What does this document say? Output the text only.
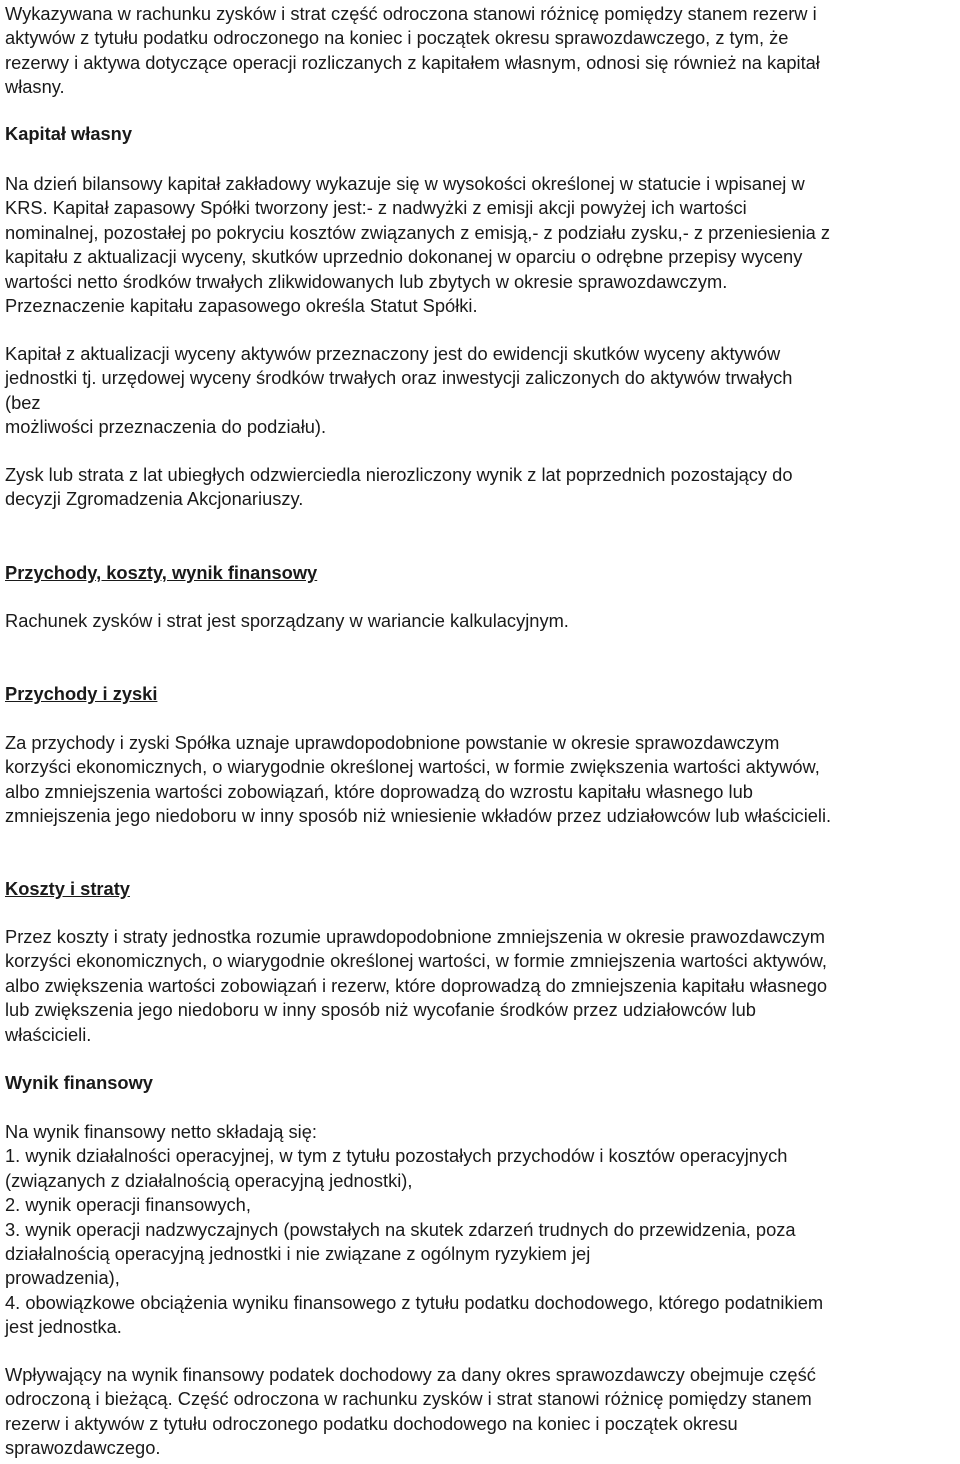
Wykazywana w rachunku zysków i strat część odroczona stanowi różnicę pomiędzy stanem rezerw i
aktywów z tytułu podatku odroczonego na koniec i początek okresu sprawozdawczego, z tym, że
rezerwy i aktywa dotyczące operacji rozliczanych z kapitałem własnym, odnosi się również na kapitał
własny.
Kapitał własny
Na dzień bilansowy kapitał zakładowy wykazuje się w wysokości określonej w statucie i wpisanej w
KRS. Kapitał zapasowy Spółki tworzony jest:- z nadwyżki z emisji akcji powyżej ich wartości
nominalnej, pozostałej po pokryciu kosztów związanych z emisją,- z podziału zysku,- z przeniesienia z
kapitału z aktualizacji wyceny, skutków uprzednio dokonanej w oparciu o odrębne przepisy wyceny
wartości netto środków trwałych zlikwidowanych lub zbytych w okresie sprawozdawczym.
Przeznaczenie kapitału zapasowego określa Statut Spółki.
Kapitał z aktualizacji wyceny aktywów przeznaczony jest do ewidencji skutków wyceny aktywów
jednostki tj. urzędowej wyceny środków trwałych oraz inwestycji zaliczonych do aktywów trwałych
(bez
możliwości przeznaczenia do podziału).
Zysk lub strata z lat ubiegłych odzwierciedla nierozliczony wynik z lat poprzednich pozostający do
decyzji Zgromadzenia Akcjonariuszy.
Przychody, koszty, wynik finansowy
Rachunek zysków i strat jest sporządzany w wariancie kalkulacyjnym.
Przychody i zyski
Za przychody i zyski Spółka uznaje uprawdopodobnione powstanie w okresie sprawozdawczym
korzyści ekonomicznych, o wiarygodnie określonej wartości, w formie zwiększenia wartości aktywów,
albo zmniejszenia wartości zobowiązań, które doprowadzą do wzrostu kapitału własnego lub
zmniejszenia jego niedoboru w inny sposób niż wniesienie wkładów przez udziałowców lub właścicieli.
Koszty i straty
Przez koszty i straty jednostka rozumie uprawdopodobnione zmniejszenia w okresie prawozdawczym
korzyści ekonomicznych, o wiarygodnie określonej wartości, w formie zmniejszenia wartości aktywów,
albo zwiększenia wartości zobowiązań i rezerw, które doprowadzą do zmniejszenia kapitału własnego
lub zwiększenia jego niedoboru w inny sposób niż wycofanie środków przez udziałowców lub
właścicieli.
Wynik finansowy
Na wynik finansowy netto składają się:
1. wynik działalności operacyjnej, w tym z tytułu pozostałych przychodów i kosztów operacyjnych
(związanych z działalnością operacyjną jednostki),
2. wynik operacji finansowych,
3. wynik operacji nadzwyczajnych (powstałych na skutek zdarzeń trudnych do przewidzenia, poza
działalnością operacyjną jednostki i nie związane z ogólnym ryzykiem jej
prowadzenia),
4. obowiązkowe obciążenia wyniku finansowego z tytułu podatku dochodowego, którego podatnikiem
jest jednostka.
Wpływający na wynik finansowy podatek dochodowy za dany okres sprawozdawczy obejmuje część
odroczoną i bieżącą. Część odroczona w rachunku zysków i strat stanowi różnicę pomiędzy stanem
rezerw i aktywów z tytułu odroczonego podatku dochodowego na koniec i początek okresu
sprawozdawczego.
